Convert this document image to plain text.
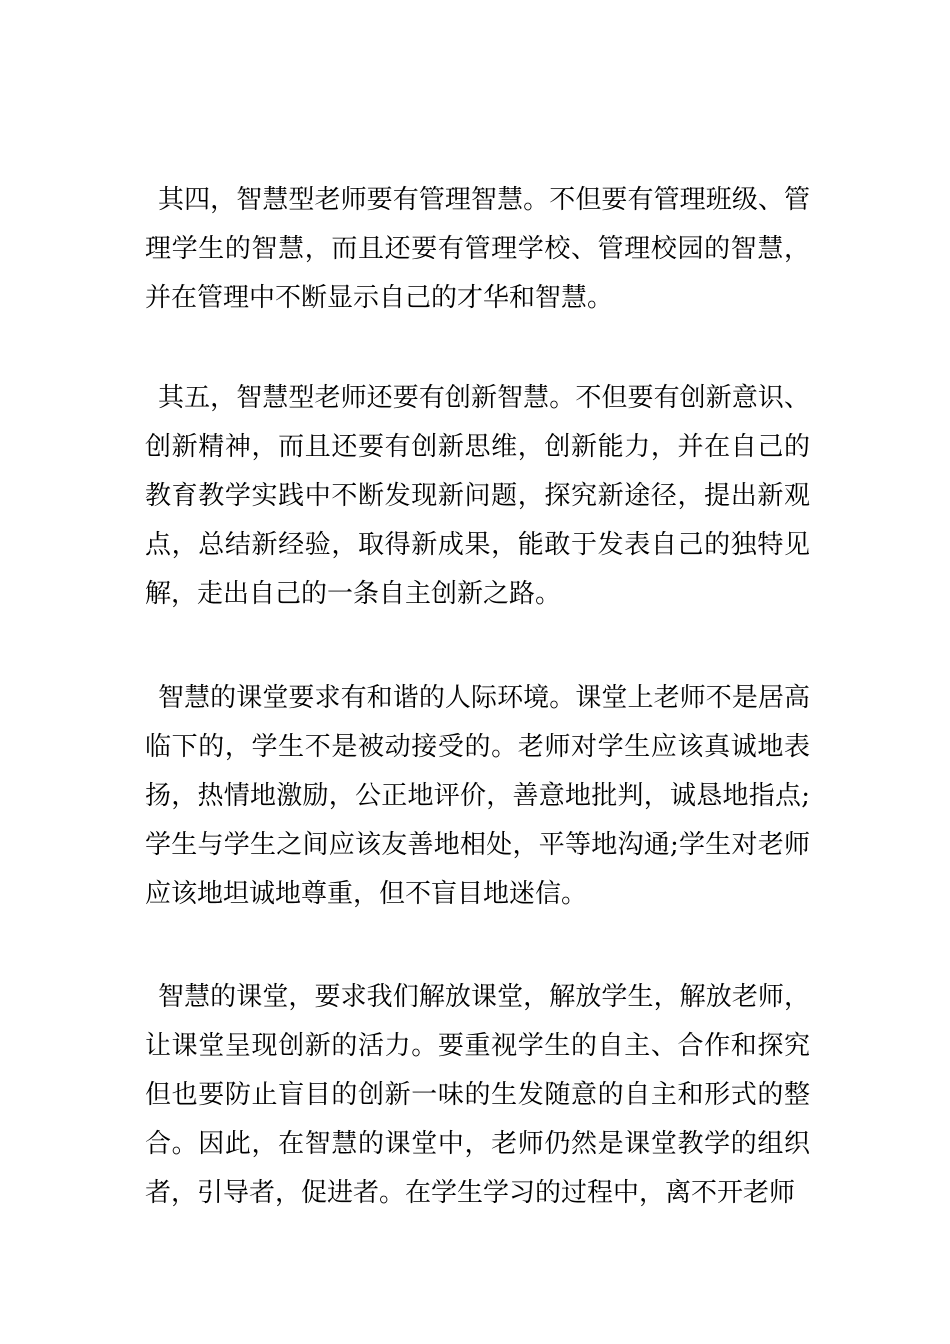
其四，智慧型老师要有管理智慧。不但要有管理班级、管理学生的智慧，而且还要有管理学校、管理校园的智慧，并在管理中不断显示自己的才华和智慧。

其五，智慧型老师还要有创新智慧。不但要有创新意识、创新精神，而且还要有创新思维，创新能力，并在自己的教育教学实践中不断发现新问题，探究新途径，提出新观点，总结新经验，取得新成果，能敢于发表自己的独特见解，走出自己的一条自主创新之路。

智慧的课堂要求有和谐的人际环境。课堂上老师不是居高临下的，学生不是被动接受的。老师对学生应该真诚地表扬，热情地激励，公正地评价，善意地批判，诚恳地指点;学生与学生之间应该友善地相处，平等地沟通;学生对老师应该地坦诚地尊重，但不盲目地迷信。

智慧的课堂，要求我们解放课堂，解放学生，解放老师，让课堂呈现创新的活力。要重视学生的自主、合作和探究但也要防止盲目的创新一味的生发随意的自主和形式的整合。因此，在智慧的课堂中，老师仍然是课堂教学的组织者，引导者，促进者。在学生学习的过程中，离不开老师
